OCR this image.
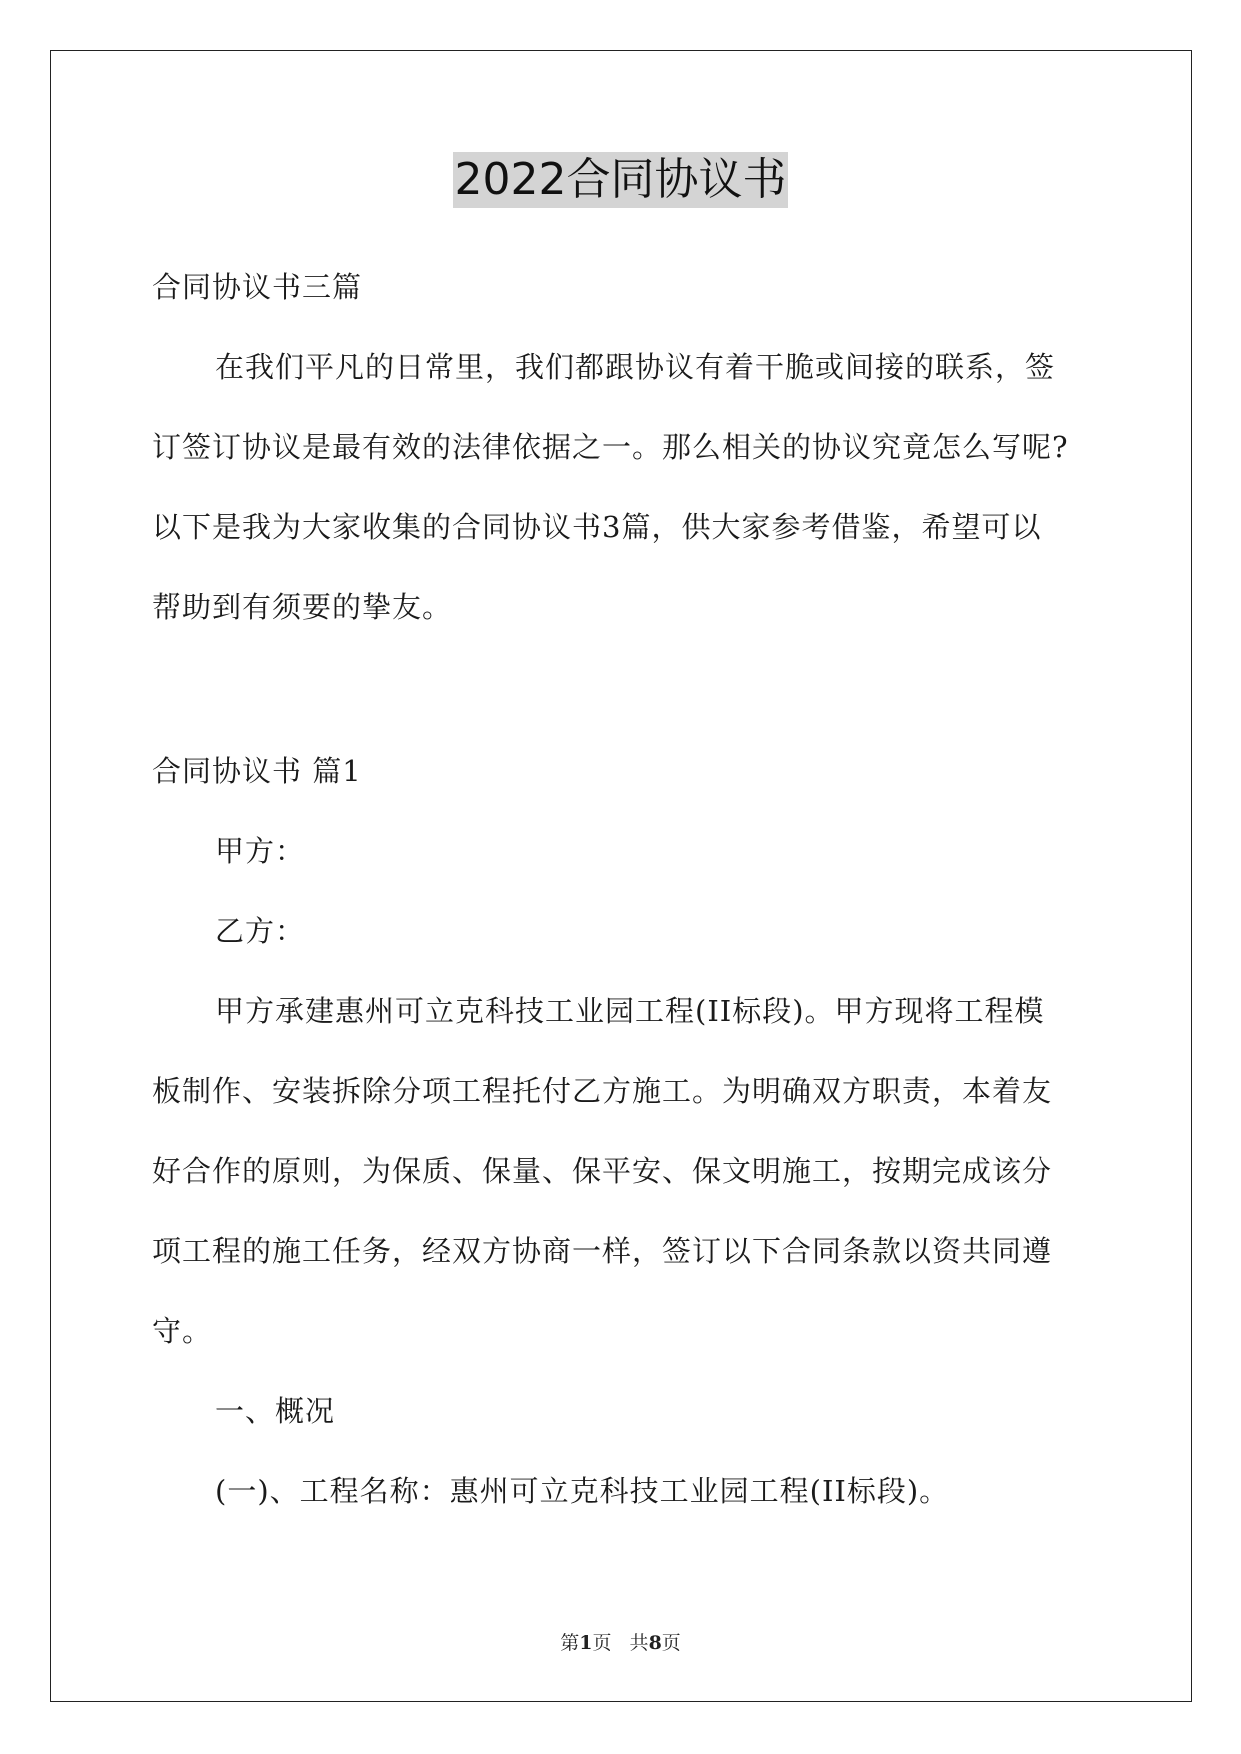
2022合同协议书
合同协议书三篇
在我们平凡的日常里，我们都跟协议有着干脆或间接的联系，签
订签订协议是最有效的法律依据之一。那么相关的协议究竟怎么写呢?
以下是我为大家收集的合同协议书3篇，供大家参考借鉴，希望可以
帮助到有须要的挚友。
合同协议书 篇1
甲方：
乙方：
甲方承建惠州可立克科技工业园工程(II标段)。甲方现将工程模
板制作、安装拆除分项工程托付乙方施工。为明确双方职责，本着友
好合作的原则，为保质、保量、保平安、保文明施工，按期完成该分
项工程的施工任务，经双方协商一样，签订以下合同条款以资共同遵
守。
一、概况
(一)、工程名称：惠州可立克科技工业园工程(II标段)。
第1页   共8页
